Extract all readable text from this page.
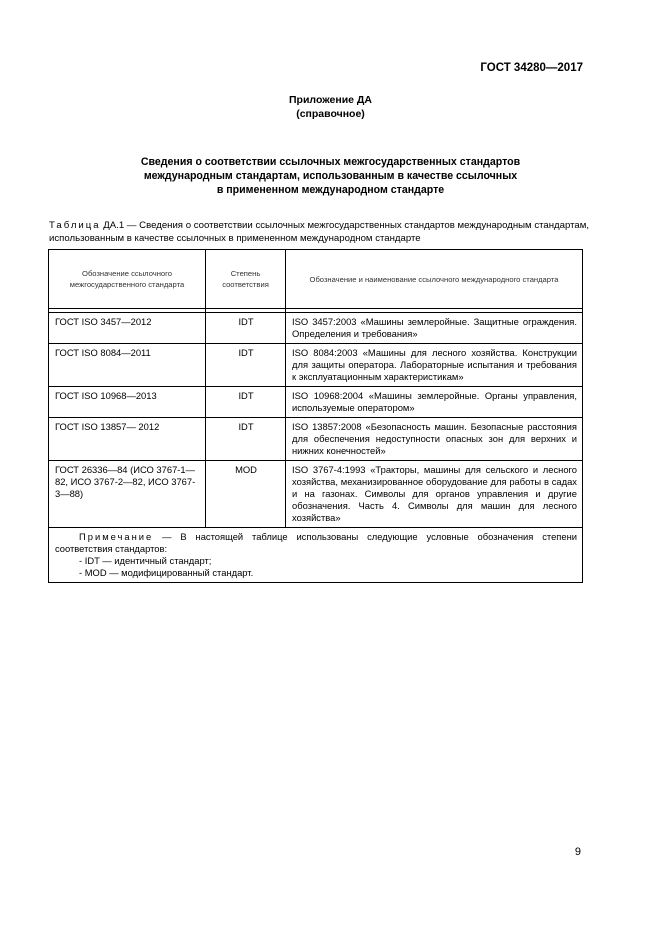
ГОСТ 34280—2017
Приложение ДА
(справочное)
Сведения о соответствии ссылочных межгосударственных стандартов
международным стандартам, использованным в качестве ссылочных
в примененном международном стандарте
Таблица ДА.1 — Сведения о соответствии ссылочных межгосударственных стандартов международным стандартам, использованным в качестве ссылочных в примененном международном стандарте
Обозначение ссылочного межгосударственного стандарта	Степень соответствия	Обозначение и наименование ссылочного международного стандарта

ГОСТ ISO 3457—2012	IDT	ISO 3457:2003 «Машины землеройные. Защитные ограждения. Определения и требования»
ГОСТ ISO 8084—2011	IDT	ISO 8084:2003 «Машины для лесного хозяйства. Конструкции для защиты оператора. Лабораторные испытания и требования к эксплуатационным характеристикам»
ГОСТ ISO 10968—2013	IDT	ISO 10968:2004 «Машины землеройные. Органы управления, используемые оператором»
ГОСТ ISO 13857— 2012	IDT	ISO 13857:2008 «Безопасность машин. Безопасные расстояния для обеспечения недоступности опасных зон для верхних и нижних конечностей»
ГОСТ 26336—84 (ИСО 3767-1—82, ИСО 3767-2—82, ИСО 3767-3—88)	MOD	ISO 3767-4:1993 «Тракторы, машины для сельского и лесного хозяйства, механизированное оборудование для работы в садах и на газонах. Символы для органов управления и другие обозначения. Часть 4. Символы для машин для лесного хозяйства»

Примечание — В настоящей таблице использованы следующие условные обозначения степени соответствия стандартов:

- IDT — идентичный стандарт;
- MOD — модифицированный стандарт.		
9
